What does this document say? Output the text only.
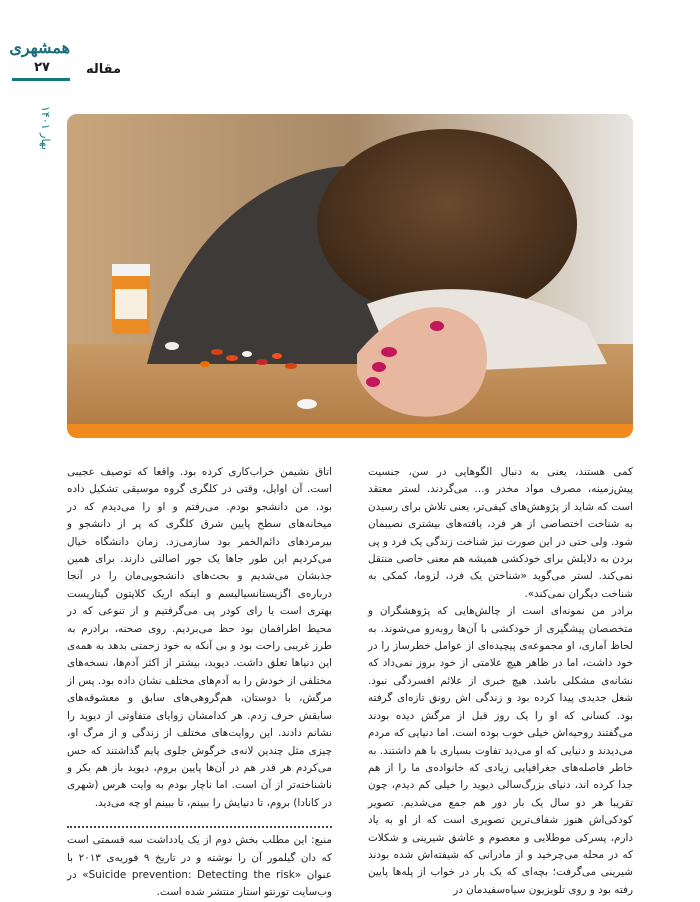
همشهری
۲۷	مقاله
بهار ۱۴۰۱

کمی هستند، یعنی به دنبال الگوهایی در سن، جنسیت پیش‌زمینه، مصرف مواد مخدر و... می‌گردند. لستر معتقد است که شاید از پژوهش‌های کیفی‌تر، یعنی تلاش برای رسیدن به شناخت اختصاصی از هر فرد، یافته‌های بیشتری نصیبمان شود. ولی حتی در این صورت نیز شناخت زندگی یک فرد و پی بردن به دلایلش برای خودکشی همیشه هم معنی خاصی منتقل نمی‌کند. لستر می‌گوید «شناختن یک فرد، لزوما، کمکی به شناخت دیگران نمی‌کند».

برادر من نمونه‌ای است از چالش‌هایی که پژوهشگران و متخصصان پیشگیری از خودکشی با آن‌ها روبه‌رو می‌شوند. به لحاظ آماری، او مجموعه‌ی پیچیده‌ای از عوامل خطرساز را در خود داشت، اما در ظاهر هیچ علامتی از خود بروز نمی‌داد که نشانه‌ی مشکلی باشد. هیچ خبری از علائم افسردگی نبود. شغل جدیدی پیدا کرده بود و زندگی اش رونق تازه‌ای گرفته بود. کسانی که او را یک روز قبل از مرگش دیده بودند می‌گفتند روحیه‌اش خیلی خوب بوده است. اما دنیایی که مردم می‌دیدند و دنیایی که او می‌دید تفاوت بسیاری با هم داشتند. به خاطر فاصله‌های جغرافیایی زیادی که خانواده‌ی ما را از هم جدا کرده اند، دنیای بزرگ‌سالی دیوید را خیلی کم دیدم، چون تقریبا هر دو سال یک بار دور هم جمع می‌شدیم. تصویر کودکی‌اش هنوز شفاف‌ترین تصویری است که از او به یاد دارم، پسرکی موطلایی و معصوم و عاشق شیرینی و شکلات که در محله می‌چرخید و از مادرانی که شیفته‌اش شده بودند شیرینی می‌گرفت؛ بچه‌ای که یک بار در خواب از پله‌ها پایین رفته بود و روی تلویزیون سیاه‌سفیدمان در

اتاق نشیمن خراب‌کاری کرده بود. واقعا که توصیف عجیبی است. آن اوایل، وقتی در کلگری گروه موسیقی تشکیل داده بود، من دانشجو بودم. می‌رفتم و او را می‌دیدم که در میخانه‌های سطح پایین شرق کلگری که پر از دانشجو و بیرمردهای دائم‌الخمر بود سازمی‌زد. زمان دانشگاه خیال می‌کردیم این طور جاها یک جور اصالتی دارند. برای همین جذبشان می‌شدیم و بحث‌های دانشجویی‌مان را در آنجا درباره‌ی اگزیستانسیالیسم و اینکه اریک کلاپتون گیتاریست بهتری است یا رای کودر پی می‌گرفتیم و از تنوعی که در محیط اطرافمان بود حظ می‌بردیم. روی صحنه، برادرم به طرز غریبی راحت بود و بی آنکه به خود زحمتی بدهد به همه‌ی این دنیاها تعلق داشت. دیوید، بیشتر از اکثر آدم‌ها، نسخه‌های مختلفی از خودش را به آدم‌های مختلف نشان داده بود. پس از مرگش، با دوستان، هم‌گروهی‌های سابق و معشوقه‌های سابقش حرف زدم. هر کدامشان زوایای متفاوتی از دیوید را نشانم دادند. این روایت‌های مختلف از زندگی و از مرگ او، چیزی مثل چندین لانه‌ی خرگوش جلوی پایم گذاشتند که حس می‌کردم هر قدر هم در آن‌ها پایین بروم، دیوید باز هم بکر و ناشناخته‌تر از آن است. اما ناچار بودم به وایت هرس (شهری در کانادا) بروم، تا دنیایش را ببینم، تا ببینم او چه می‌دید.

منبع: این مطلب بخش دوم از یک یادداشت سه قسمتی است که دان گیلمور آن را نوشته و در تاریخ ۹ فوریه‌ی ۲۰۱۳ با عنوان «Suicide prevention: Detecting the risk» در وب‌سایت تورنتو استار منتشر شده است.
